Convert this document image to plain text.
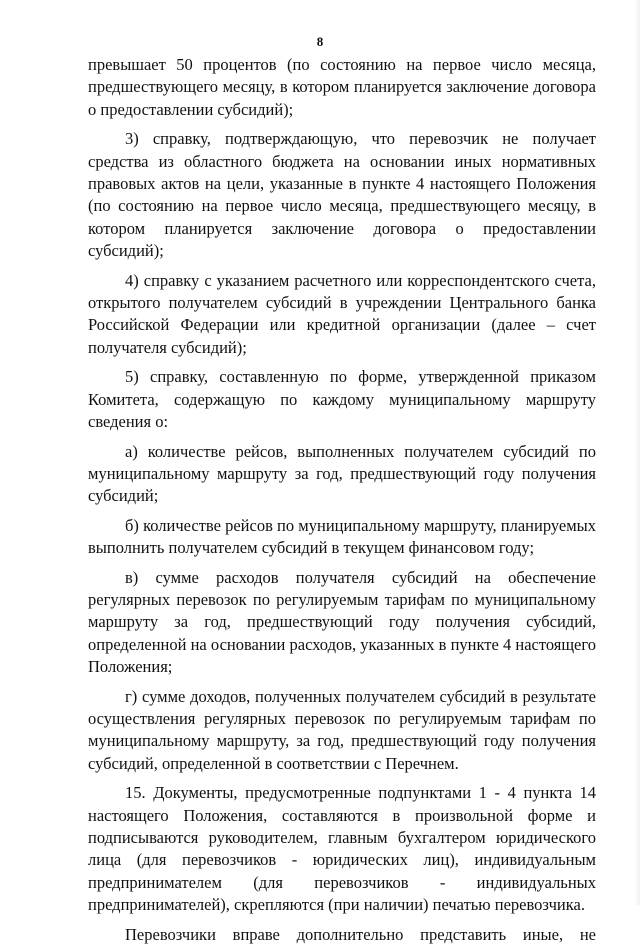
8

превышает 50 процентов (по состоянию на первое число месяца, предшествующего месяцу, в котором планируется заключение договора о предоставлении субсидий);

3) справку, подтверждающую, что перевозчик не получает средства из областного бюджета на основании иных нормативных правовых актов на цели, указанные в пункте 4 настоящего Положения (по состоянию на первое число месяца, предшествующего месяцу, в котором планируется заключение договора о предоставлении субсидий);

4) справку с указанием расчетного или корреспондентского счета, открытого получателем субсидий в учреждении Центрального банка Российской Федерации или кредитной организации (далее – счет получателя субсидий);

5) справку, составленную по форме, утвержденной приказом Комитета, содержащую по каждому муниципальному маршруту сведения о:

а) количестве рейсов, выполненных получателем субсидий по муниципальному маршруту за год, предшествующий году получения субсидий;

б) количестве рейсов по муниципальному маршруту, планируемых выполнить получателем субсидий в текущем финансовом году;

в) сумме расходов получателя субсидий на обеспечение регулярных перевозок по регулируемым тарифам по муниципальному маршруту за год, предшествующий году получения субсидий, определенной на основании расходов, указанных в пункте 4 настоящего Положения;

г) сумме доходов, полученных получателем субсидий в результате осуществления регулярных перевозок по регулируемым тарифам по муниципальному маршруту, за год, предшествующий году получения субсидий, определенной в соответствии с Перечнем.

15. Документы, предусмотренные подпунктами 1 - 4 пункта 14 настоящего Положения, составляются в произвольной форме и подписываются руководителем, главным бухгалтером юридического лица (для перевозчиков - юридических лиц), индивидуальным предпринимателем (для перевозчиков - индивидуальных предпринимателей), скрепляются (при наличии) печатью перевозчика.

Перевозчики вправе дополнительно представить иные, не
